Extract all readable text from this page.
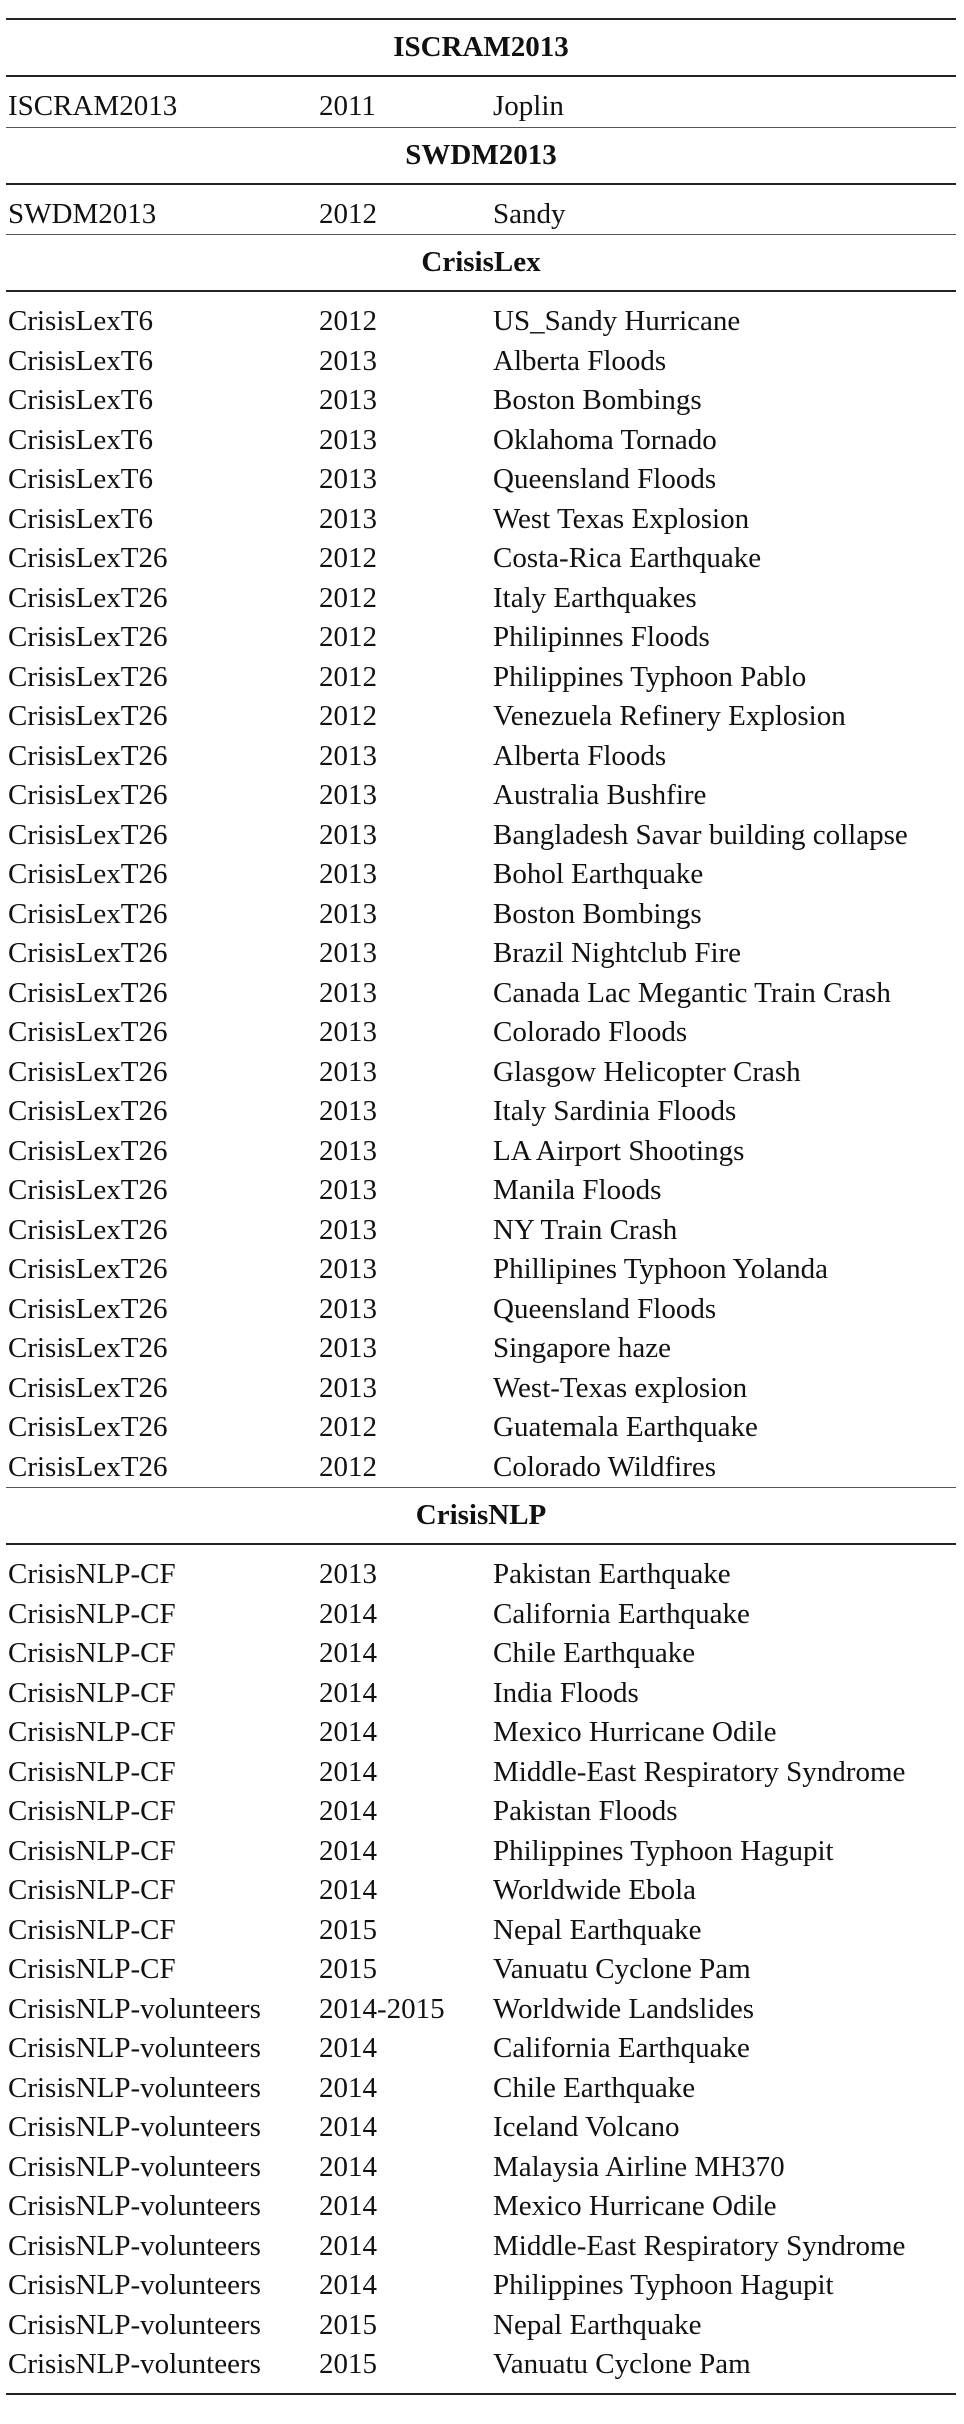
ISCRAM2013		
ISCRAM2013	2011	Joplin
SWDM2013		
SWDM2013	2012	Sandy
CrisisLex		
CrisisLexT6	2012	US_Sandy Hurricane
CrisisLexT6	2013	Alberta Floods
CrisisLexT6	2013	Boston Bombings
CrisisLexT6	2013	Oklahoma Tornado
CrisisLexT6	2013	Queensland Floods
CrisisLexT6	2013	West Texas Explosion
CrisisLexT26	2012	Costa-Rica Earthquake
CrisisLexT26	2012	Italy Earthquakes
CrisisLexT26	2012	Philipinnes Floods
CrisisLexT26	2012	Philippines Typhoon Pablo
CrisisLexT26	2012	Venezuela Refinery Explosion
CrisisLexT26	2013	Alberta Floods
CrisisLexT26	2013	Australia Bushfire
CrisisLexT26	2013	Bangladesh Savar building collapse
CrisisLexT26	2013	Bohol Earthquake
CrisisLexT26	2013	Boston Bombings
CrisisLexT26	2013	Brazil Nightclub Fire
CrisisLexT26	2013	Canada Lac Megantic Train Crash
CrisisLexT26	2013	Colorado Floods
CrisisLexT26	2013	Glasgow Helicopter Crash
CrisisLexT26	2013	Italy Sardinia Floods
CrisisLexT26	2013	LA Airport Shootings
CrisisLexT26	2013	Manila Floods
CrisisLexT26	2013	NY Train Crash
CrisisLexT26	2013	Phillipines Typhoon Yolanda
CrisisLexT26	2013	Queensland Floods
CrisisLexT26	2013	Singapore haze
CrisisLexT26	2013	West-Texas explosion
CrisisLexT26	2012	Guatemala Earthquake
CrisisLexT26	2012	Colorado Wildfires
CrisisNLP		
CrisisNLP-CF	2013	Pakistan Earthquake
CrisisNLP-CF	2014	California Earthquake
CrisisNLP-CF	2014	Chile Earthquake
CrisisNLP-CF	2014	India Floods
CrisisNLP-CF	2014	Mexico Hurricane Odile
CrisisNLP-CF	2014	Middle-East Respiratory Syndrome
CrisisNLP-CF	2014	Pakistan Floods
CrisisNLP-CF	2014	Philippines Typhoon Hagupit
CrisisNLP-CF	2014	Worldwide Ebola
CrisisNLP-CF	2015	Nepal Earthquake
CrisisNLP-CF	2015	Vanuatu Cyclone Pam
CrisisNLP-volunteers	2014-2015	Worldwide Landslides
CrisisNLP-volunteers	2014	California Earthquake
CrisisNLP-volunteers	2014	Chile Earthquake
CrisisNLP-volunteers	2014	Iceland Volcano
CrisisNLP-volunteers	2014	Malaysia Airline MH370
CrisisNLP-volunteers	2014	Mexico Hurricane Odile
CrisisNLP-volunteers	2014	Middle-East Respiratory Syndrome
CrisisNLP-volunteers	2014	Philippines Typhoon Hagupit
CrisisNLP-volunteers	2015	Nepal Earthquake
CrisisNLP-volunteers	2015	Vanuatu Cyclone Pam
